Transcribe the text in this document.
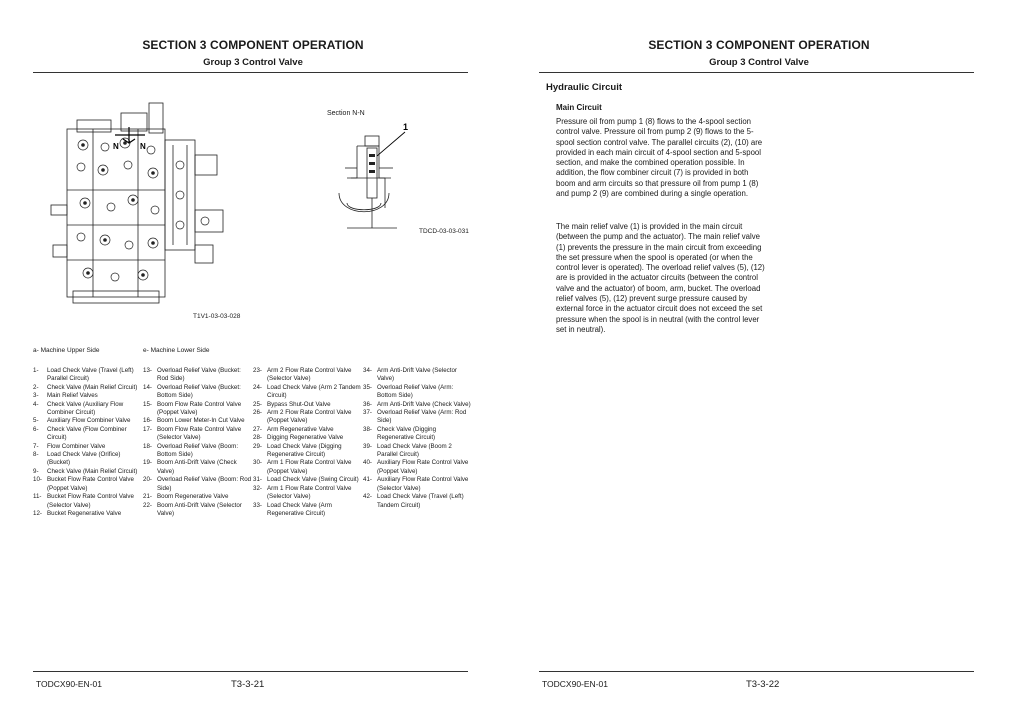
SECTION 3 COMPONENT OPERATION
Group 3 Control Valve
N	N
T1V1-03-03-028
Section N-N
1
TDCD-03-03-031
a- Machine Upper Side	e- Machine Lower Side
1-	Load Check Valve (Travel (Left) Parallel Circuit)
2-	Check Valve (Main Relief Circuit)
3-	Main Relief Valves
4-	Check Valve (Auxiliary Flow Combiner Circuit)
5-	Auxiliary Flow Combiner Valve
6-	Check Valve (Flow Combiner Circuit)
7-	Flow Combiner Valve
8-	Load Check Valve (Orifice) (Bucket)
9-	Check Valve (Main Relief Circuit)
10- Bucket Flow Rate Control Valve (Poppet Valve)
11- Bucket Flow Rate Control Valve (Selector Valve)
12- Bucket Regenerative Valve
13- Overload Relief Valve (Bucket: Rod Side)
14- Overload Relief Valve (Bucket: Bottom Side)
15- Boom Flow Rate Control Valve (Poppet Valve)
16- Boom Lower Meter-In Cut Valve
17- Boom Flow Rate Control Valve (Selector Valve)
18- Overload Relief Valve (Boom: Bottom Side)
19- Boom Anti-Drift Valve (Check Valve)
20- Overload Relief Valve (Boom: Rod Side)
21- Boom Regenerative Valve
22- Boom Anti-Drift Valve (Selector Valve)
23- Arm 2 Flow Rate Control Valve (Selector Valve)
24- Load Check Valve (Arm 2 Tandem Circuit)
25- Bypass Shut-Out Valve
26- Arm 2 Flow Rate Control Valve (Poppet Valve)
27- Arm Regenerative Valve
28- Digging Regenerative Valve
29- Load Check Valve (Digging Regenerative Circuit)
30- Arm 1 Flow Rate Control Valve (Poppet Valve)
31- Load Check Valve (Swing Circuit)
32- Arm 1 Flow Rate Control Valve (Selector Valve)
33- Load Check Valve (Arm Regenerative Circuit)
34- Arm Anti-Drift Valve (Selector Valve)
35- Overload Relief Valve (Arm: Bottom Side)
36- Arm Anti-Drift Valve (Check Valve)
37- Overload Relief Valve (Arm: Rod Side)
38- Check Valve (Digging Regenerative Circuit)
39- Load Check Valve (Boom 2 Parallel Circuit)
40- Auxiliary Flow Rate Control Valve (Poppet Valve)
41- Auxiliary Flow Rate Control Valve (Selector Valve)
42- Load Check Valve (Travel (Left) Tandem Circuit)
TODCX90-EN-01	T3-3-21
SECTION 3 COMPONENT OPERATION
Group 3 Control Valve
Hydraulic Circuit
Main Circuit

Pressure oil from pump 1 (8) flows to the 4-spool section control valve. Pressure oil from pump 2 (9) flows to the 5-spool section control valve. The parallel circuits (2), (10) are provided in each main circuit of 4-spool section and 5-spool section, and make the combined operation possible. In addition, the flow combiner circuit (7) is provided in both boom and arm circuits so that pressure oil from pump 1 (8) and pump 2 (9) are combined during a single operation.

The main relief valve (1) is provided in the main circuit (between the pump and the actuator). The main relief valve (1) prevents the pressure in the main circuit from exceeding the set pressure when the spool is operated (or when the control lever is operated). The overload relief valves (5), (12) are is provided in the actuator circuits (between the control valve and the actuator) of boom, arm, bucket. The overload relief valves (5), (12) prevent surge pressure caused by external force in the actuator circuit does not exceed the set pressure when the spool is in neutral (with the control lever set in neutral).

TODCX90-EN-01	T3-3-22
